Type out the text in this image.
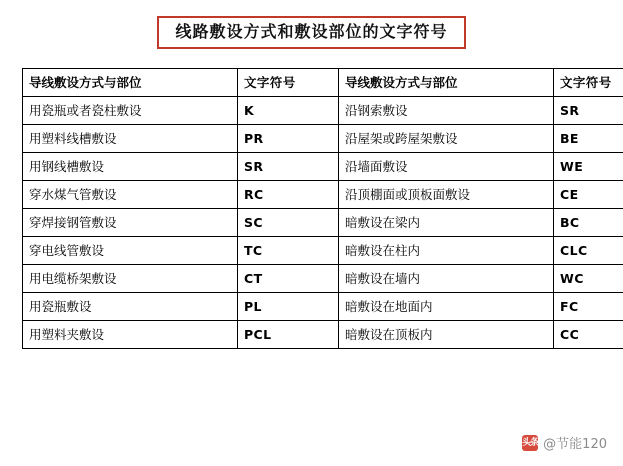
线路敷设方式和敷设部位的文字符号
导线敷设方式与部位	文字符号	导线敷设方式与部位	文字符号
用瓷瓶或者瓷柱敷设	K	沿钢索敷设	SR
用塑料线槽敷设	PR	沿屋架或跨屋架敷设	BE
用钢线槽敷设	SR	沿墙面敷设	WE
穿水煤气管敷设	RC	沿顶棚面或顶板面敷设	CE
穿焊接钢管敷设	SC	暗敷设在梁内	BC
穿电线管敷设	TC	暗敷设在柱内	CLC
用电缆桥架敷设	CT	暗敷设在墙内	WC
用瓷瓶敷设	PL	暗敷设在地面内	FC
用塑料夹敷设	PCL	暗敷设在顶板内	CC
头条 @节能120
